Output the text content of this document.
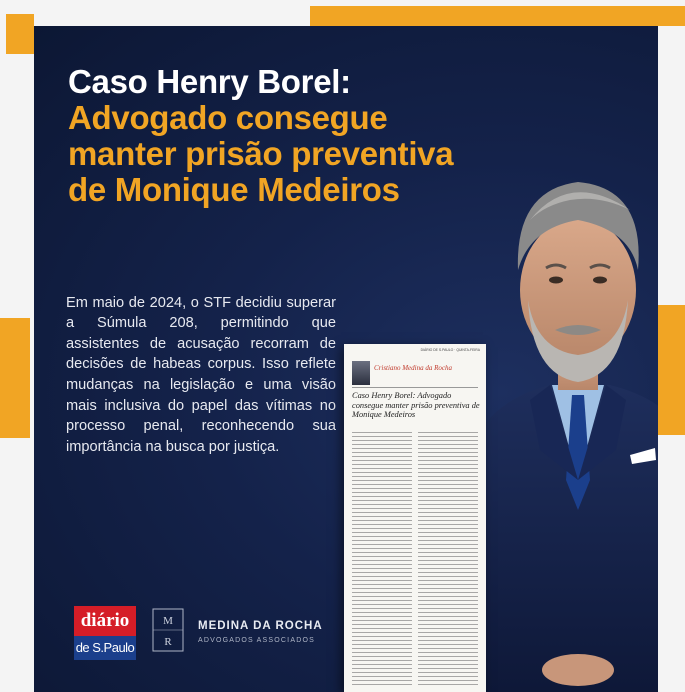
Caso Henry Borel:
Advogado consegue manter prisão preventiva de Monique Medeiros

Em maio de 2024, o STF decidiu superar a Súmula 208, permitindo que assistentes de acusação recorram de decisões de habeas corpus. Isso reflete mudanças na legislação e uma visão mais inclusiva do papel das vítimas no processo penal, reconhecendo sua importância na busca por justiça.

diário
de S.Paulo
M
R
MEDINA DA ROCHA
ADVOGADOS ASSOCIADOS
DIÁRIO DE S.PAULO · QUINTA-FEIRA
Cristiano Medina da Rocha
Caso Henry Borel: Advogado consegue manter prisão preventiva de Monique Medeiros
